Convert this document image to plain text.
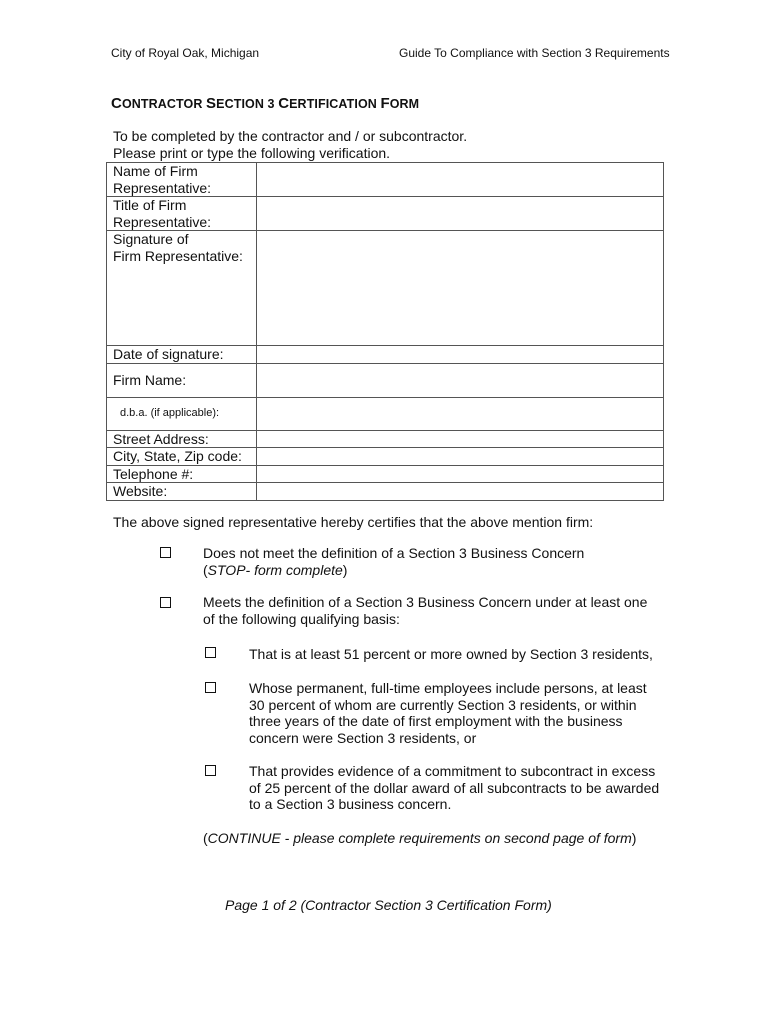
City of Royal Oak, Michigan	Guide To Compliance with Section 3 Requirements
CONTRACTOR SECTION 3 CERTIFICATION FORM
To be completed by the contractor and / or subcontractor.
Please print or type the following verification.
Name of Firm
Representative:	

Title of Firm
Representative:	

Signature of
Firm Representative:	

Date of signature:	
Firm Name:	
d.b.a. (if applicable):	
Street Address:	
City, State, Zip code:	
Telephone #:	
Website:	
The above signed representative hereby certifies that the above mention firm:
Does not meet the definition of a Section 3 Business Concern
(STOP- form complete)
Meets the definition of a Section 3 Business Concern under at least one
of the following qualifying basis:
That is at least 51 percent or more owned by Section 3 residents,
Whose permanent, full-time employees include persons, at least
30 percent of whom are currently Section 3 residents, or within
three years of the date of first employment with the business
concern were Section 3 residents, or
That provides evidence of a commitment to subcontract in excess
of 25 percent of the dollar award of all subcontracts to be awarded
to a Section 3 business concern.
(CONTINUE - please complete requirements on second page of form)
Page 1 of 2 (Contractor Section 3 Certification Form)
